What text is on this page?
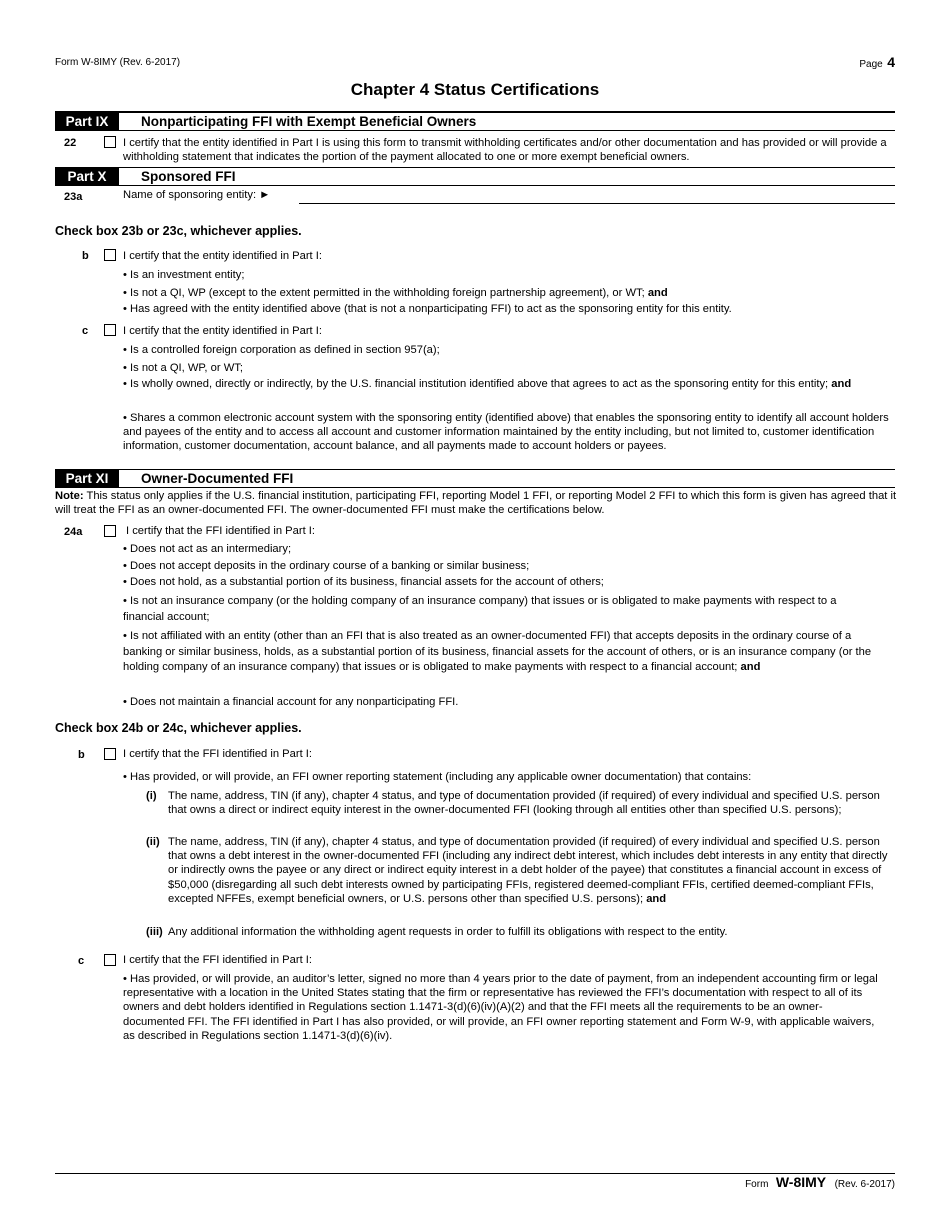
Form W-8IMY (Rev. 6-2017)	Page 4
Chapter 4 Status Certifications
Part IX	Nonparticipating FFI with Exempt Beneficial Owners
22	I certify that the entity identified in Part I is using this form to transmit withholding certificates and/or other documentation and has provided or will provide a withholding statement that indicates the portion of the payment allocated to one or more exempt beneficial owners.
Part X	Sponsored FFI
23a	Name of sponsoring entity: ►
Check box 23b or 23c, whichever applies.
b	I certify that the entity identified in Part I:
• Is an investment entity;
• Is not a QI, WP (except to the extent permitted in the withholding foreign partnership agreement), or WT; and
• Has agreed with the entity identified above (that is not a nonparticipating FFI) to act as the sponsoring entity for this entity.
c	I certify that the entity identified in Part I:
• Is a controlled foreign corporation as defined in section 957(a);
• Is not a QI, WP, or WT;
• Is wholly owned, directly or indirectly, by the U.S. financial institution identified above that agrees to act as the sponsoring entity for this entity; and
• Shares a common electronic account system with the sponsoring entity (identified above) that enables the sponsoring entity to identify all account holders and payees of the entity and to access all account and customer information maintained by the entity including, but not limited to, customer identification information, customer documentation, account balance, and all payments made to account holders or payees.
Part XI	Owner-Documented FFI
Note: This status only applies if the U.S. financial institution, participating FFI, reporting Model 1 FFI, or reporting Model 2 FFI to which this form is given has agreed that it will treat the FFI as an owner-documented FFI. The owner-documented FFI must make the certifications below.
24a	I certify that the FFI identified in Part I:
• Does not act as an intermediary;
• Does not accept deposits in the ordinary course of a banking or similar business;
• Does not hold, as a substantial portion of its business, financial assets for the account of others;
• Is not an insurance company (or the holding company of an insurance company) that issues or is obligated to make payments with respect to a financial account;
• Is not affiliated with an entity (other than an FFI that is also treated as an owner-documented FFI) that accepts deposits in the ordinary course of a banking or similar business, holds, as a substantial portion of its business, financial assets for the account of others, or is an insurance company (or the holding company of an insurance company) that issues or is obligated to make payments with respect to a financial account; and
• Does not maintain a financial account for any nonparticipating FFI.
Check box 24b or 24c, whichever applies.
b	I certify that the FFI identified in Part I:
• Has provided, or will provide, an FFI owner reporting statement (including any applicable owner documentation) that contains:
(i) The name, address, TIN (if any), chapter 4 status, and type of documentation provided (if required) of every individual and specified U.S. person that owns a direct or indirect equity interest in the owner-documented FFI (looking through all entities other than specified U.S. persons);
(ii) The name, address, TIN (if any), chapter 4 status, and type of documentation provided (if required) of every individual and specified U.S. person that owns a debt interest in the owner-documented FFI (including any indirect debt interest, which includes debt interests in any entity that directly or indirectly owns the payee or any direct or indirect equity interest in a debt holder of the payee) that constitutes a financial account in excess of $50,000 (disregarding all such debt interests owned by participating FFIs, registered deemed-compliant FFIs, certified deemed-compliant FFIs, excepted NFFEs, exempt beneficial owners, or U.S. persons other than specified U.S. persons); and
(iii) Any additional information the withholding agent requests in order to fulfill its obligations with respect to the entity.
c	I certify that the FFI identified in Part I:
• Has provided, or will provide, an auditor’s letter, signed no more than 4 years prior to the date of payment, from an independent accounting firm or legal representative with a location in the United States stating that the firm or representative has reviewed the FFI’s documentation with respect to all of its owners and debt holders identified in Regulations section 1.1471-3(d)(6)(iv)(A)(2) and that the FFI meets all the requirements to be an owner-documented FFI. The FFI identified in Part I has also provided, or will provide, an FFI owner reporting statement and Form W-9, with applicable waivers, as described in Regulations section 1.1471-3(d)(6)(iv).
Form W-8IMY (Rev. 6-2017)
